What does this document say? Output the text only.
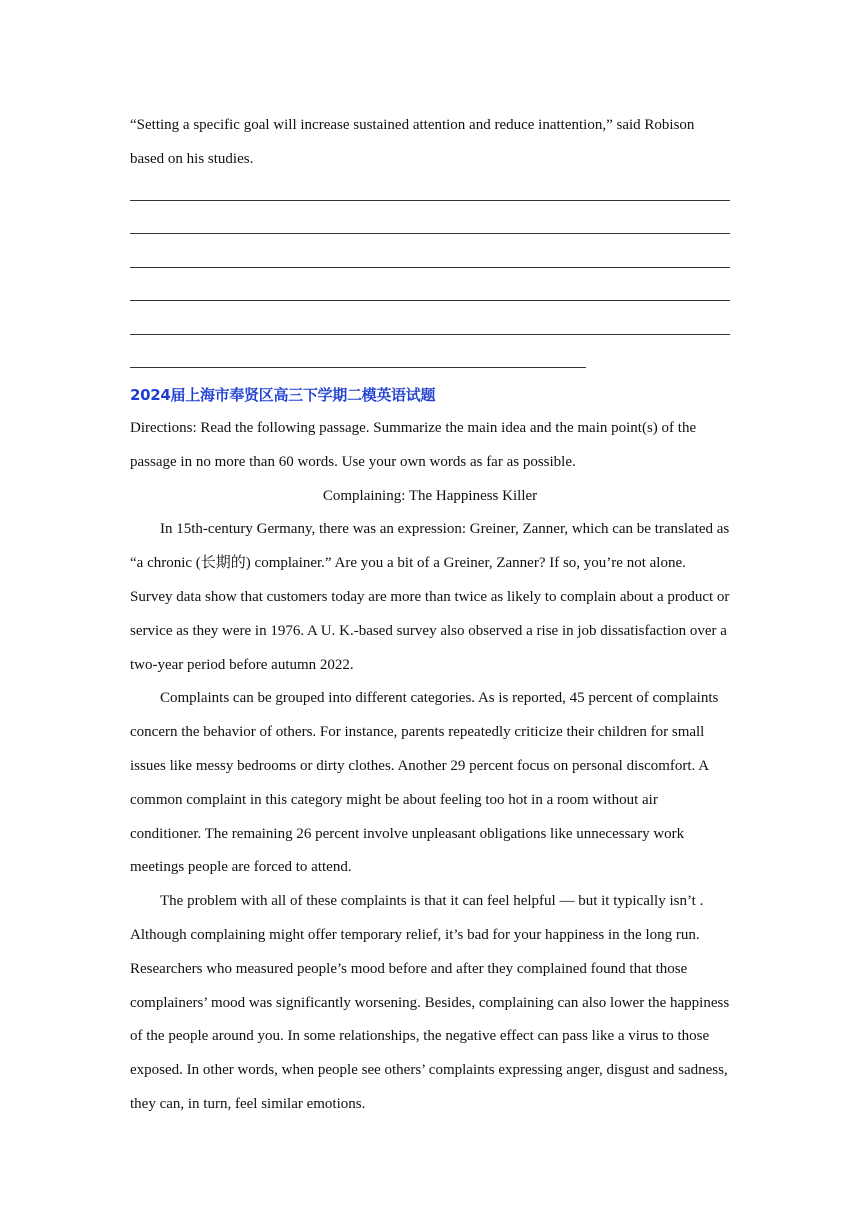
“Setting a specific goal will increase sustained attention and reduce inattention,” said Robison
based on his studies.
2024届上海市奉贤区高三下学期二模英语试题

Directions: Read the following passage. Summarize the main idea and the main point(s) of the passage in no more than 60 words. Use your own words as far as possible.

Complaining: The Happiness Killer

In 15th-century Germany, there was an expression: Greiner, Zanner, which can be translated as “a chronic (长期的) complainer.” Are you a bit of a Greiner, Zanner? If so, you’re not alone. Survey data show that customers today are more than twice as likely to complain about a product or service as they were in 1976. A U. K.-based survey also observed a rise in job dissatisfaction over a two-year period before autumn 2022.

Complaints can be grouped into different categories. As is reported, 45 percent of complaints concern the behavior of others. For instance, parents repeatedly criticize their children for small issues like messy bedrooms or dirty clothes. Another 29 percent focus on personal discomfort. A common complaint in this category might be about feeling too hot in a room without air conditioner. The remaining 26 percent involve unpleasant obligations like unnecessary work meetings people are forced to attend.

The problem with all of these complaints is that it can feel helpful — but it typically isn’t . Although complaining might offer temporary relief, it’s bad for your happiness in the long run. Researchers who measured people’s mood before and after they complained found that those complainers’ mood was significantly worsening. Besides, complaining can also lower the happiness of the people around you. In some relationships, the negative effect can pass like a virus to those exposed. In other words, when people see others’ complaints expressing anger, disgust and sadness, they can, in turn, feel similar emotions.
